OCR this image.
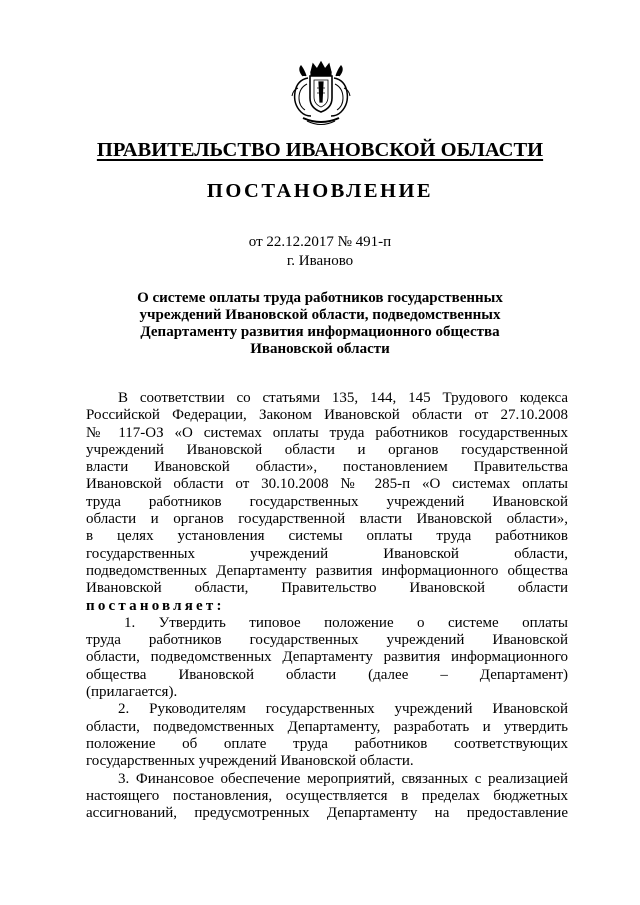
ПРАВИТЕЛЬСТВО ИВАНОВСКОЙ ОБЛАСТИ
ПОСТАНОВЛЕНИЕ
от 22.12.2017 № 491-п
г. Иваново
О системе оплаты труда работников государственных
учреждений Ивановской области, подведомственных
Департаменту развития информационного общества
Ивановской области
В соответствии со статьями 135, 144, 145 Трудового кодекса
Российской Федерации, Законом Ивановской области от 27.10.2008
№ 117-ОЗ «О системах оплаты труда работников государственных
учреждений Ивановской области и органов государственной
власти Ивановской области», постановлением Правительства
Ивановской области от 30.10.2008 № 285-п «О системах оплаты
труда работников государственных учреждений Ивановской
области и органов государственной власти Ивановской области»,
в целях установления системы оплаты труда работников
государственных учреждений Ивановской области,
подведомственных Департаменту развития информационного общества
Ивановской области, Правительство Ивановской области
постановляет:
1. Утвердить типовое положение о системе оплаты
труда работников государственных учреждений Ивановской
области, подведомственных Департаменту развития информационного
общества Ивановской области (далее – Департамент)
(прилагается).
2. Руководителям государственных учреждений Ивановской
области, подведомственных Департаменту, разработать и утвердить
положение об оплате труда работников соответствующих
государственных учреждений Ивановской области.
3. Финансовое обеспечение мероприятий, связанных с реализацией
настоящего постановления, осуществляется в пределах бюджетных
ассигнований, предусмотренных Департаменту на предоставление
